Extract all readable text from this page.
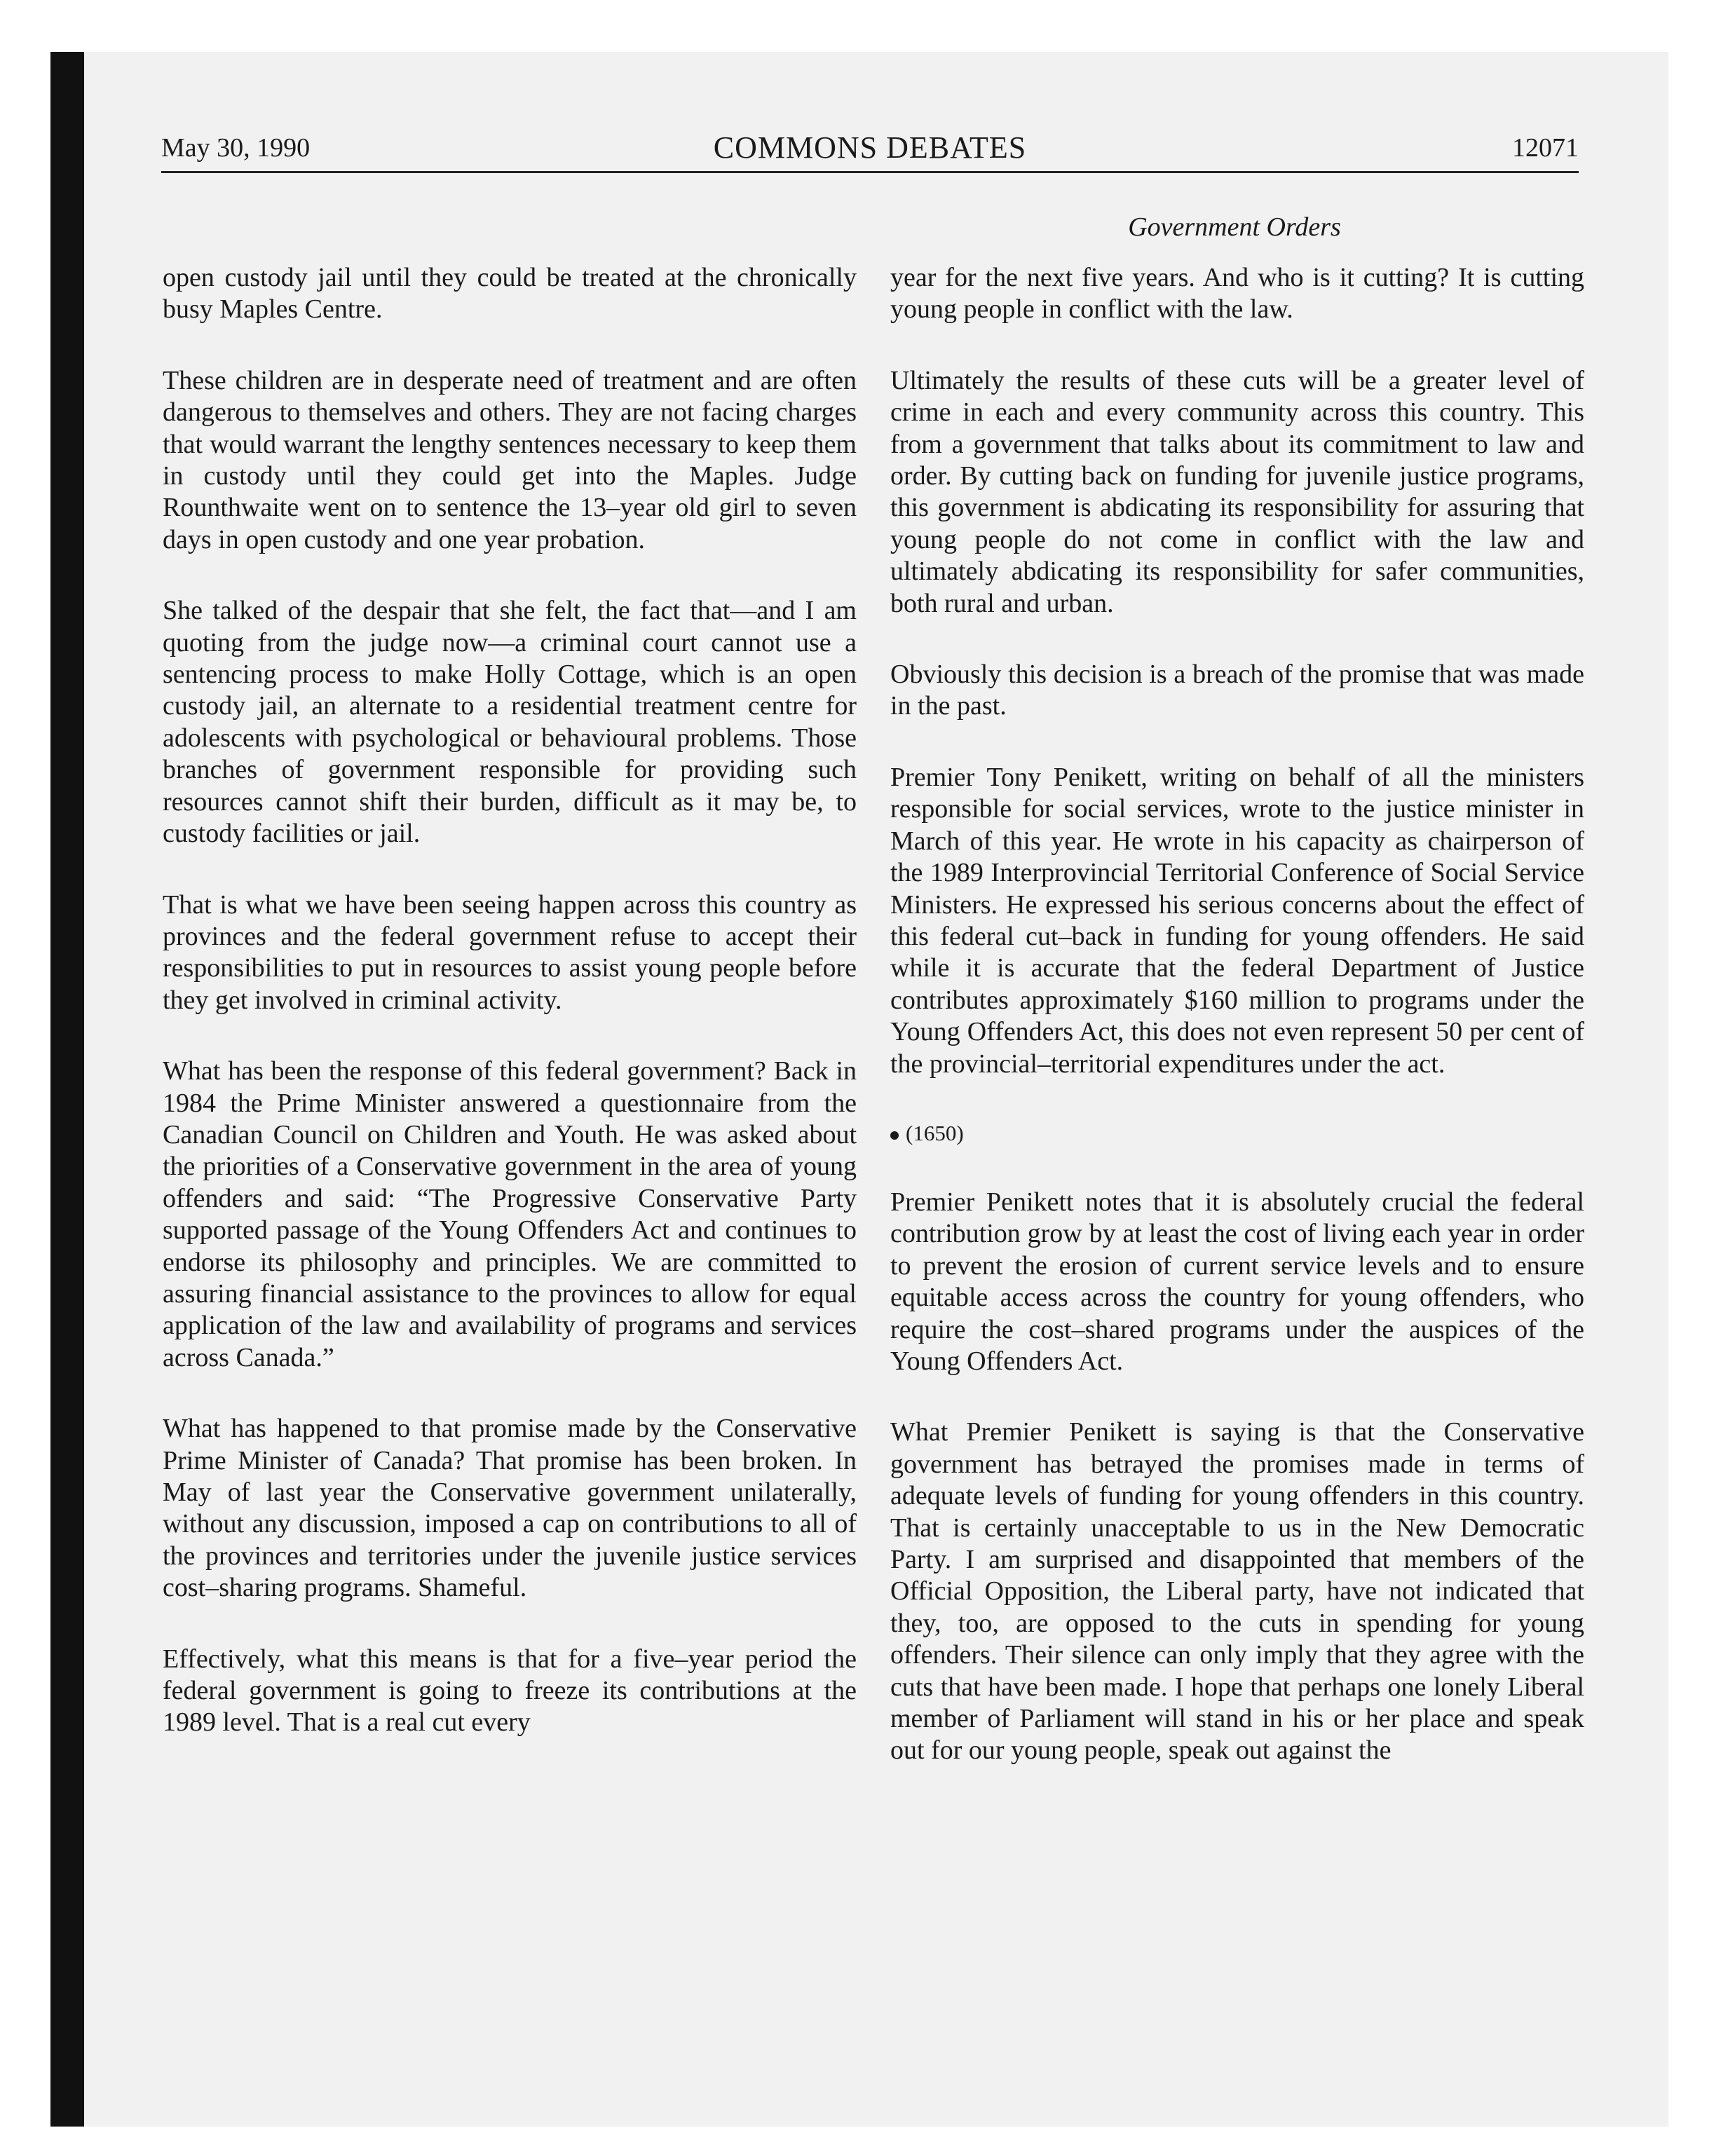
May 30, 1990	COMMONS DEBATES	12071
Government Orders

open custody jail until they could be treated at the chronically busy Maples Centre.

These children are in desperate need of treatment and are often dangerous to themselves and others. They are not facing charges that would warrant the lengthy sentences necessary to keep them in custody until they could get into the Maples. Judge Rounthwaite went on to sentence the 13–year old girl to seven days in open custody and one year probation.

She talked of the despair that she felt, the fact that—and I am quoting from the judge now—a criminal court cannot use a sentencing process to make Holly Cottage, which is an open custody jail, an alternate to a residential treatment centre for adolescents with psychological or behavioural problems. Those branches of government responsible for providing such resources cannot shift their burden, difficult as it may be, to custody facilities or jail.

That is what we have been seeing happen across this country as provinces and the federal government refuse to accept their responsibilities to put in resources to assist young people before they get involved in criminal activity.

What has been the response of this federal government? Back in 1984 the Prime Minister answered a questionnaire from the Canadian Council on Children and Youth. He was asked about the priorities of a Conservative government in the area of young offenders and said: “The Progressive Conservative Party supported passage of the Young Offenders Act and continues to endorse its philosophy and principles. We are committed to assuring financial assistance to the provinces to allow for equal application of the law and availability of programs and services across Canada.”

What has happened to that promise made by the Conservative Prime Minister of Canada? That promise has been broken. In May of last year the Conservative government unilaterally, without any discussion, imposed a cap on contributions to all of the provinces and territories under the juvenile justice services cost–sharing programs. Shameful.

Effectively, what this means is that for a five–year period the federal government is going to freeze its contributions at the 1989 level. That is a real cut every

year for the next five years. And who is it cutting? It is cutting young people in conflict with the law.

Ultimately the results of these cuts will be a greater level of crime in each and every community across this country. This from a government that talks about its commitment to law and order. By cutting back on funding for juvenile justice programs, this government is abdicating its responsibility for assuring that young people do not come in conflict with the law and ultimately abdicating its responsibility for safer communities, both rural and urban.

Obviously this decision is a breach of the promise that was made in the past.

Premier Tony Penikett, writing on behalf of all the ministers responsible for social services, wrote to the justice minister in March of this year. He wrote in his capacity as chairperson of the 1989 Interprovincial Territorial Conference of Social Service Ministers. He expressed his serious concerns about the effect of this federal cut–back in funding for young offenders. He said while it is accurate that the federal Department of Justice contributes approximately $160 million to programs under the Young Offenders Act, this does not even represent 50 per cent of the provincial–territorial expenditures under the act.

(1650)

Premier Penikett notes that it is absolutely crucial the federal contribution grow by at least the cost of living each year in order to prevent the erosion of current service levels and to ensure equitable access across the country for young offenders, who require the cost–shared programs under the auspices of the Young Offenders Act.

What Premier Penikett is saying is that the Conservative government has betrayed the promises made in terms of adequate levels of funding for young offenders in this country. That is certainly unacceptable to us in the New Democratic Party. I am surprised and disappointed that members of the Official Opposition, the Liberal party, have not indicated that they, too, are opposed to the cuts in spending for young offenders. Their silence can only imply that they agree with the cuts that have been made. I hope that perhaps one lonely Liberal member of Parliament will stand in his or her place and speak out for our young people, speak out against the
